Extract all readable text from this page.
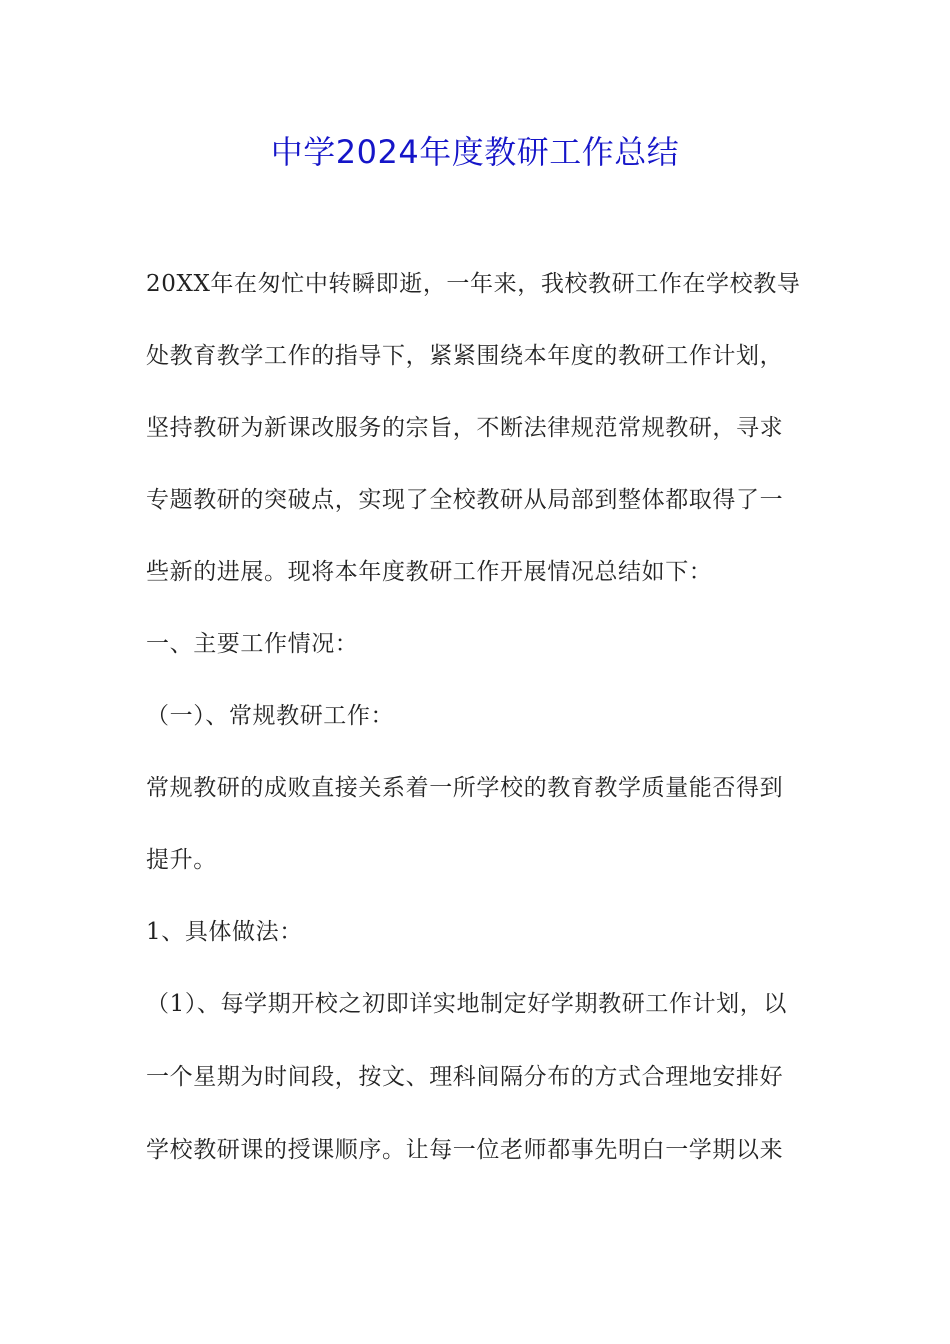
中学2024年度教研工作总结
20XX年在匆忙中转瞬即逝，一年来，我校教研工作在学校教导
处教育教学工作的指导下，紧紧围绕本年度的教研工作计划，
坚持教研为新课改服务的宗旨，不断法律规范常规教研，寻求
专题教研的突破点，实现了全校教研从局部到整体都取得了一
些新的进展。现将本年度教研工作开展情况总结如下：
一、主要工作情况：
（一）、常规教研工作：
常规教研的成败直接关系着一所学校的教育教学质量能否得到
提升。
1、具体做法：
（1）、每学期开校之初即详实地制定好学期教研工作计划，以
一个星期为时间段，按文、理科间隔分布的方式合理地安排好
学校教研课的授课顺序。让每一位老师都事先明白一学期以来
